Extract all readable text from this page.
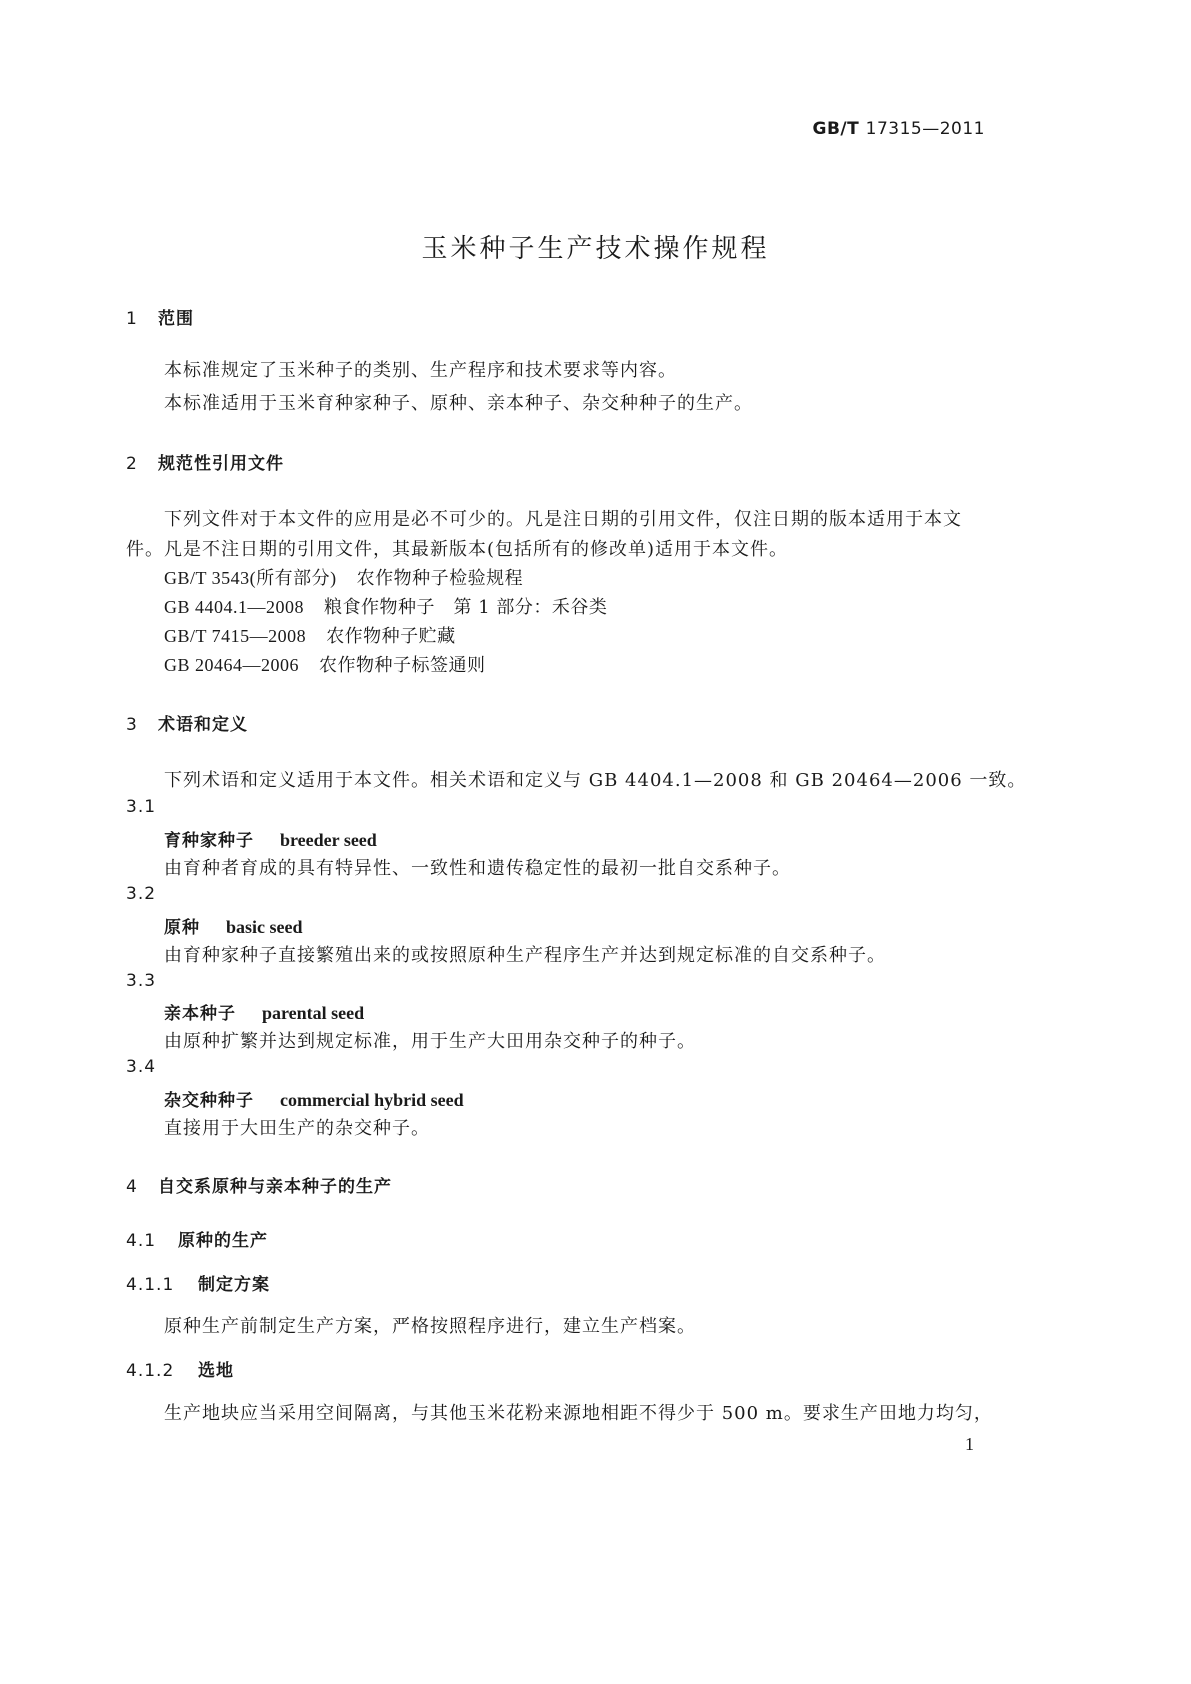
GB/T 17315—2011
玉米种子生产技术操作规程
1 范围
本标准规定了玉米种子的类别、生产程序和技术要求等内容。
本标准适用于玉米育种家种子、原种、亲本种子、杂交种种子的生产。
2 规范性引用文件
下列文件对于本文件的应用是必不可少的。凡是注日期的引用文件，仅注日期的版本适用于本文
件。凡是不注日期的引用文件，其最新版本(包括所有的修改单)适用于本文件。
GB/T 3543(所有部分) 农作物种子检验规程
GB 4404.1—2008 粮食作物种子　第 1 部分：禾谷类
GB/T 7415—2008 农作物种子贮藏
GB 20464—2006 农作物种子标签通则
3 术语和定义
下列术语和定义适用于本文件。相关术语和定义与 GB 4404.1—2008 和 GB 20464—2006 一致。
3.1
育种家种子 breeder seed
由育种者育成的具有特异性、一致性和遗传稳定性的最初一批自交系种子。
3.2
原种 basic seed
由育种家种子直接繁殖出来的或按照原种生产程序生产并达到规定标准的自交系种子。
3.3
亲本种子 parental seed
由原种扩繁并达到规定标准，用于生产大田用杂交种子的种子。
3.4
杂交种种子 commercial hybrid seed
直接用于大田生产的杂交种子。
4 自交系原种与亲本种子的生产
4.1 原种的生产
4.1.1 制定方案
原种生产前制定生产方案，严格按照程序进行，建立生产档案。
4.1.2 选地
生产地块应当采用空间隔离，与其他玉米花粉来源地相距不得少于 500 m。要求生产田地力均匀，
1
